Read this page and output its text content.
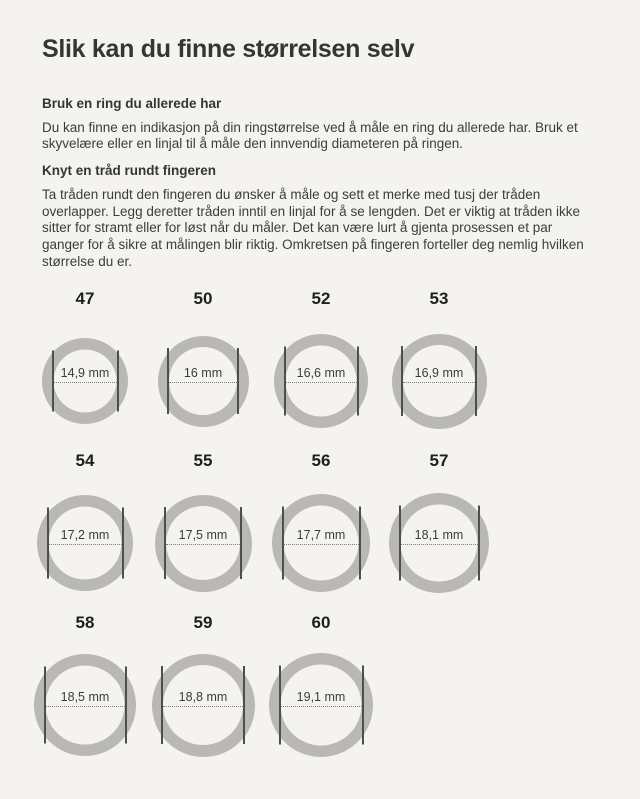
Slik kan du finne størrelsen selv
Bruk en ring du allerede har

Du kan finne en indikasjon på din ringstørrelse ved å måle en ring du allerede har. Bruk et skyvelære eller en linjal til å måle den innvendig diameteren på ringen.

Knyt en tråd rundt fingeren

Ta tråden rundt den fingeren du ønsker å måle og sett et merke med tusj der tråden overlapper. Legg deretter tråden inntil en linjal for å se lengden. Det er viktig at tråden ikke sitter for stramt eller for løst når du måler. Det kan være lurt å gjenta prosessen et par ganger for å sikre at målingen blir riktig. Omkretsen på fingeren forteller deg nemlig hvilken størrelse du er.

47
14,9 mm
50
16 mm
52
16,6 mm
53
16,9 mm
54
17,2 mm
55
17,5 mm
56
17,7 mm
57
18,1 mm
58
18,5 mm
59
18,8 mm
60
19,1 mm
